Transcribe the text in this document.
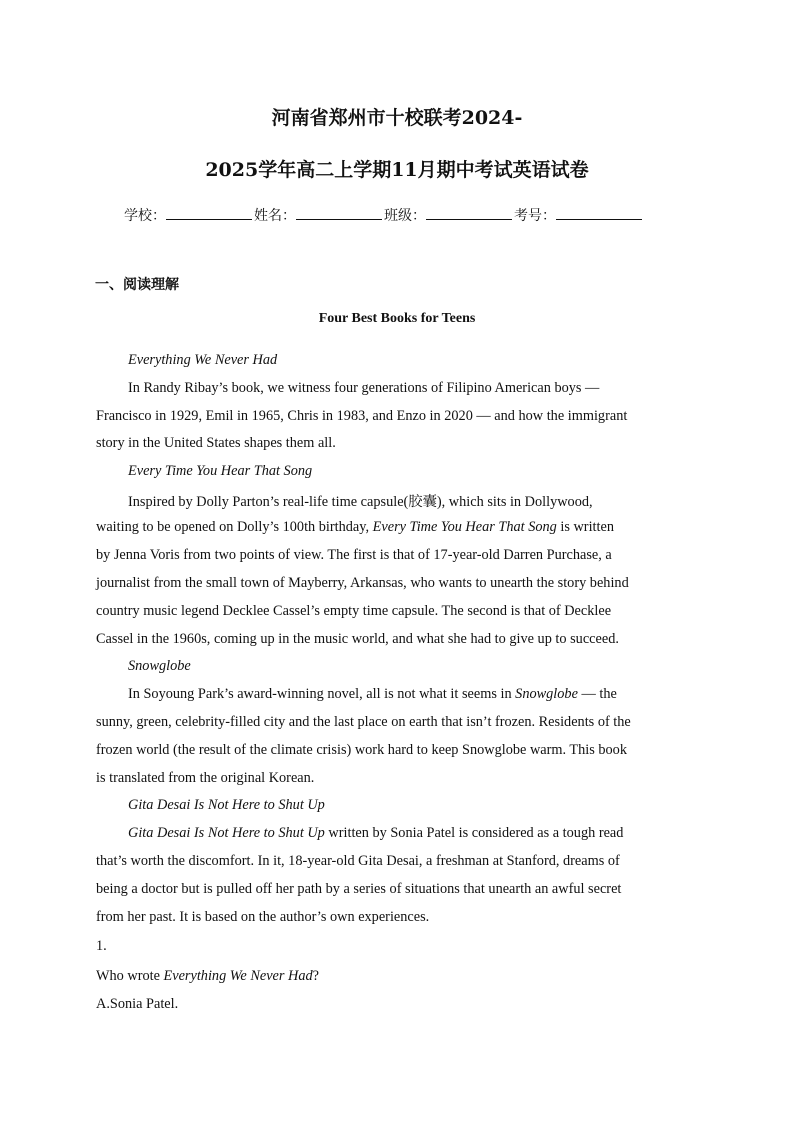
河南省郑州市十校联考2024-
2025学年高二上学期11月期中考试英语试卷
学校：	姓名：	班级：	考号：
一、阅读理解
Four Best Books for Teens
Everything We Never Had
In Randy Ribay’s book, we witness four generations of Filipino American boys —
Francisco in 1929, Emil in 1965, Chris in 1983, and Enzo in 2020 — and how the immigrant
story in the United States shapes them all.
Every Time You Hear That Song
Inspired by Dolly Parton’s real-life time capsule(胶囊), which sits in Dollywood,
waiting to be opened on Dolly’s 100th birthday, Every Time You Hear That Song is written
by Jenna Voris from two points of view. The first is that of 17-year-old Darren Purchase, a
journalist from the small town of Mayberry, Arkansas, who wants to unearth the story behind
country music legend Decklee Cassel’s empty time capsule. The second is that of Decklee
Cassel in the 1960s, coming up in the music world, and what she had to give up to succeed.
Snowglobe
In Soyoung Park’s award-winning novel, all is not what it seems in Snowglobe — the
sunny, green, celebrity-filled city and the last place on earth that isn’t frozen. Residents of the
frozen world (the result of the climate crisis) work hard to keep Snowglobe warm. This book
is translated from the original Korean.
Gita Desai Is Not Here to Shut Up
Gita Desai Is Not Here to Shut Up written by Sonia Patel is considered as a tough read
that’s worth the discomfort. In it, 18-year-old Gita Desai, a freshman at Stanford, dreams of
being a doctor but is pulled off her path by a series of situations that unearth an awful secret
from her past. It is based on the author’s own experiences.
1.
Who wrote Everything We Never Had?
A.Sonia Patel.
